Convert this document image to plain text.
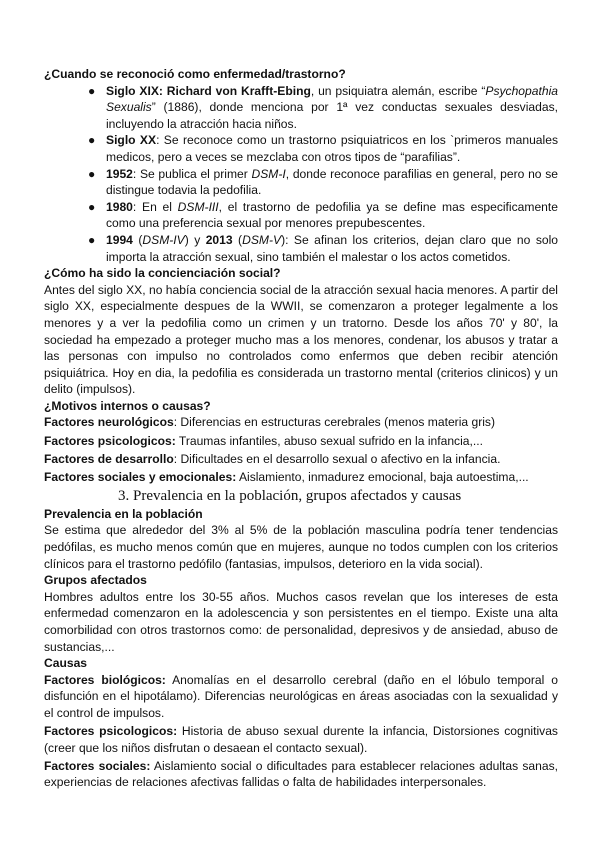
¿Cuando se reconoció como enfermedad/trastorno?

● Siglo XIX: Richard von Krafft-Ebing, un psiquiatra alemán, escribe “Psychopathia Sexualis” (1886), donde menciona por 1ª vez conductas sexuales desviadas, incluyendo la atracción hacia niños.
● Siglo XX: Se reconoce como un trastorno psiquiatricos en los `primeros manuales medicos, pero a veces se mezclaba con otros tipos de “parafilias”.
● 1952: Se publica el primer DSM-I, donde reconoce parafilias en general, pero no se distingue todavia la pedofilia.
● 1980: En el DSM-III, el trastorno de pedofilia ya se define mas especificamente como una preferencia sexual por menores prepubescentes.
● 1994 (DSM-IV) y 2013 (DSM-V): Se afinan los criterios, dejan claro que no solo importa la atracción sexual, sino también el malestar o los actos cometidos.

¿Cómo ha sido la concienciación social?

Antes del siglo XX, no había conciencia social de la atracción sexual hacia menores. A partir del siglo XX, especialmente despues de la WWII, se comenzaron a proteger legalmente a los menores y a ver la pedofilia como un crimen y un tratorno. Desde los años 70' y 80', la sociedad ha empezado a proteger mucho mas a los menores, condenar, los abusos y tratar a las personas con impulso no controlados como enfermos que deben recibir atención psiquiátrica. Hoy en dia, la pedofilia es considerada un trastorno mental (criterios clinicos) y un delito (impulsos).

¿Motivos internos o causas?

Factores neurológicos: Diferencias en estructuras cerebrales (menos materia gris)

Factores psicologicos: Traumas infantiles, abuso sexual sufrido en la infancia,...

Factores de desarrollo: Dificultades en el desarrollo sexual o afectivo en la infancia.

Factores sociales y emocionales: Aislamiento, inmadurez emocional, baja autoestima,...

3. Prevalencia en la población, grupos afectados y causas

Prevalencia en la población

Se estima que alrededor del 3% al 5% de la población masculina podría tener tendencias pedófilas, es mucho menos común que en mujeres, aunque no todos cumplen con los criterios clínicos para el trastorno pedófilo (fantasias, impulsos, deterioro en la vida social).

Grupos afectados

Hombres adultos entre los 30-55 años. Muchos casos revelan que los intereses de esta enfermedad comenzaron en la adolescencia y son persistentes en el tiempo. Existe una alta comorbilidad con otros trastornos como: de personalidad, depresivos y de ansiedad, abuso de sustancias,...

Causas

Factores biológicos: Anomalías en el desarrollo cerebral (daño en el lóbulo temporal o disfunción en el hipotálamo). Diferencias neurológicas en áreas asociadas con la sexualidad y el control de impulsos.

Factores psicologicos: Historia de abuso sexual durente la infancia, Distorsiones cognitivas (creer que los niños disfrutan o desaean el contacto sexual).

Factores sociales: Aislamiento social o dificultades para establecer relaciones adultas sanas, experiencias de relaciones afectivas fallidas o falta de habilidades interpersonales.
